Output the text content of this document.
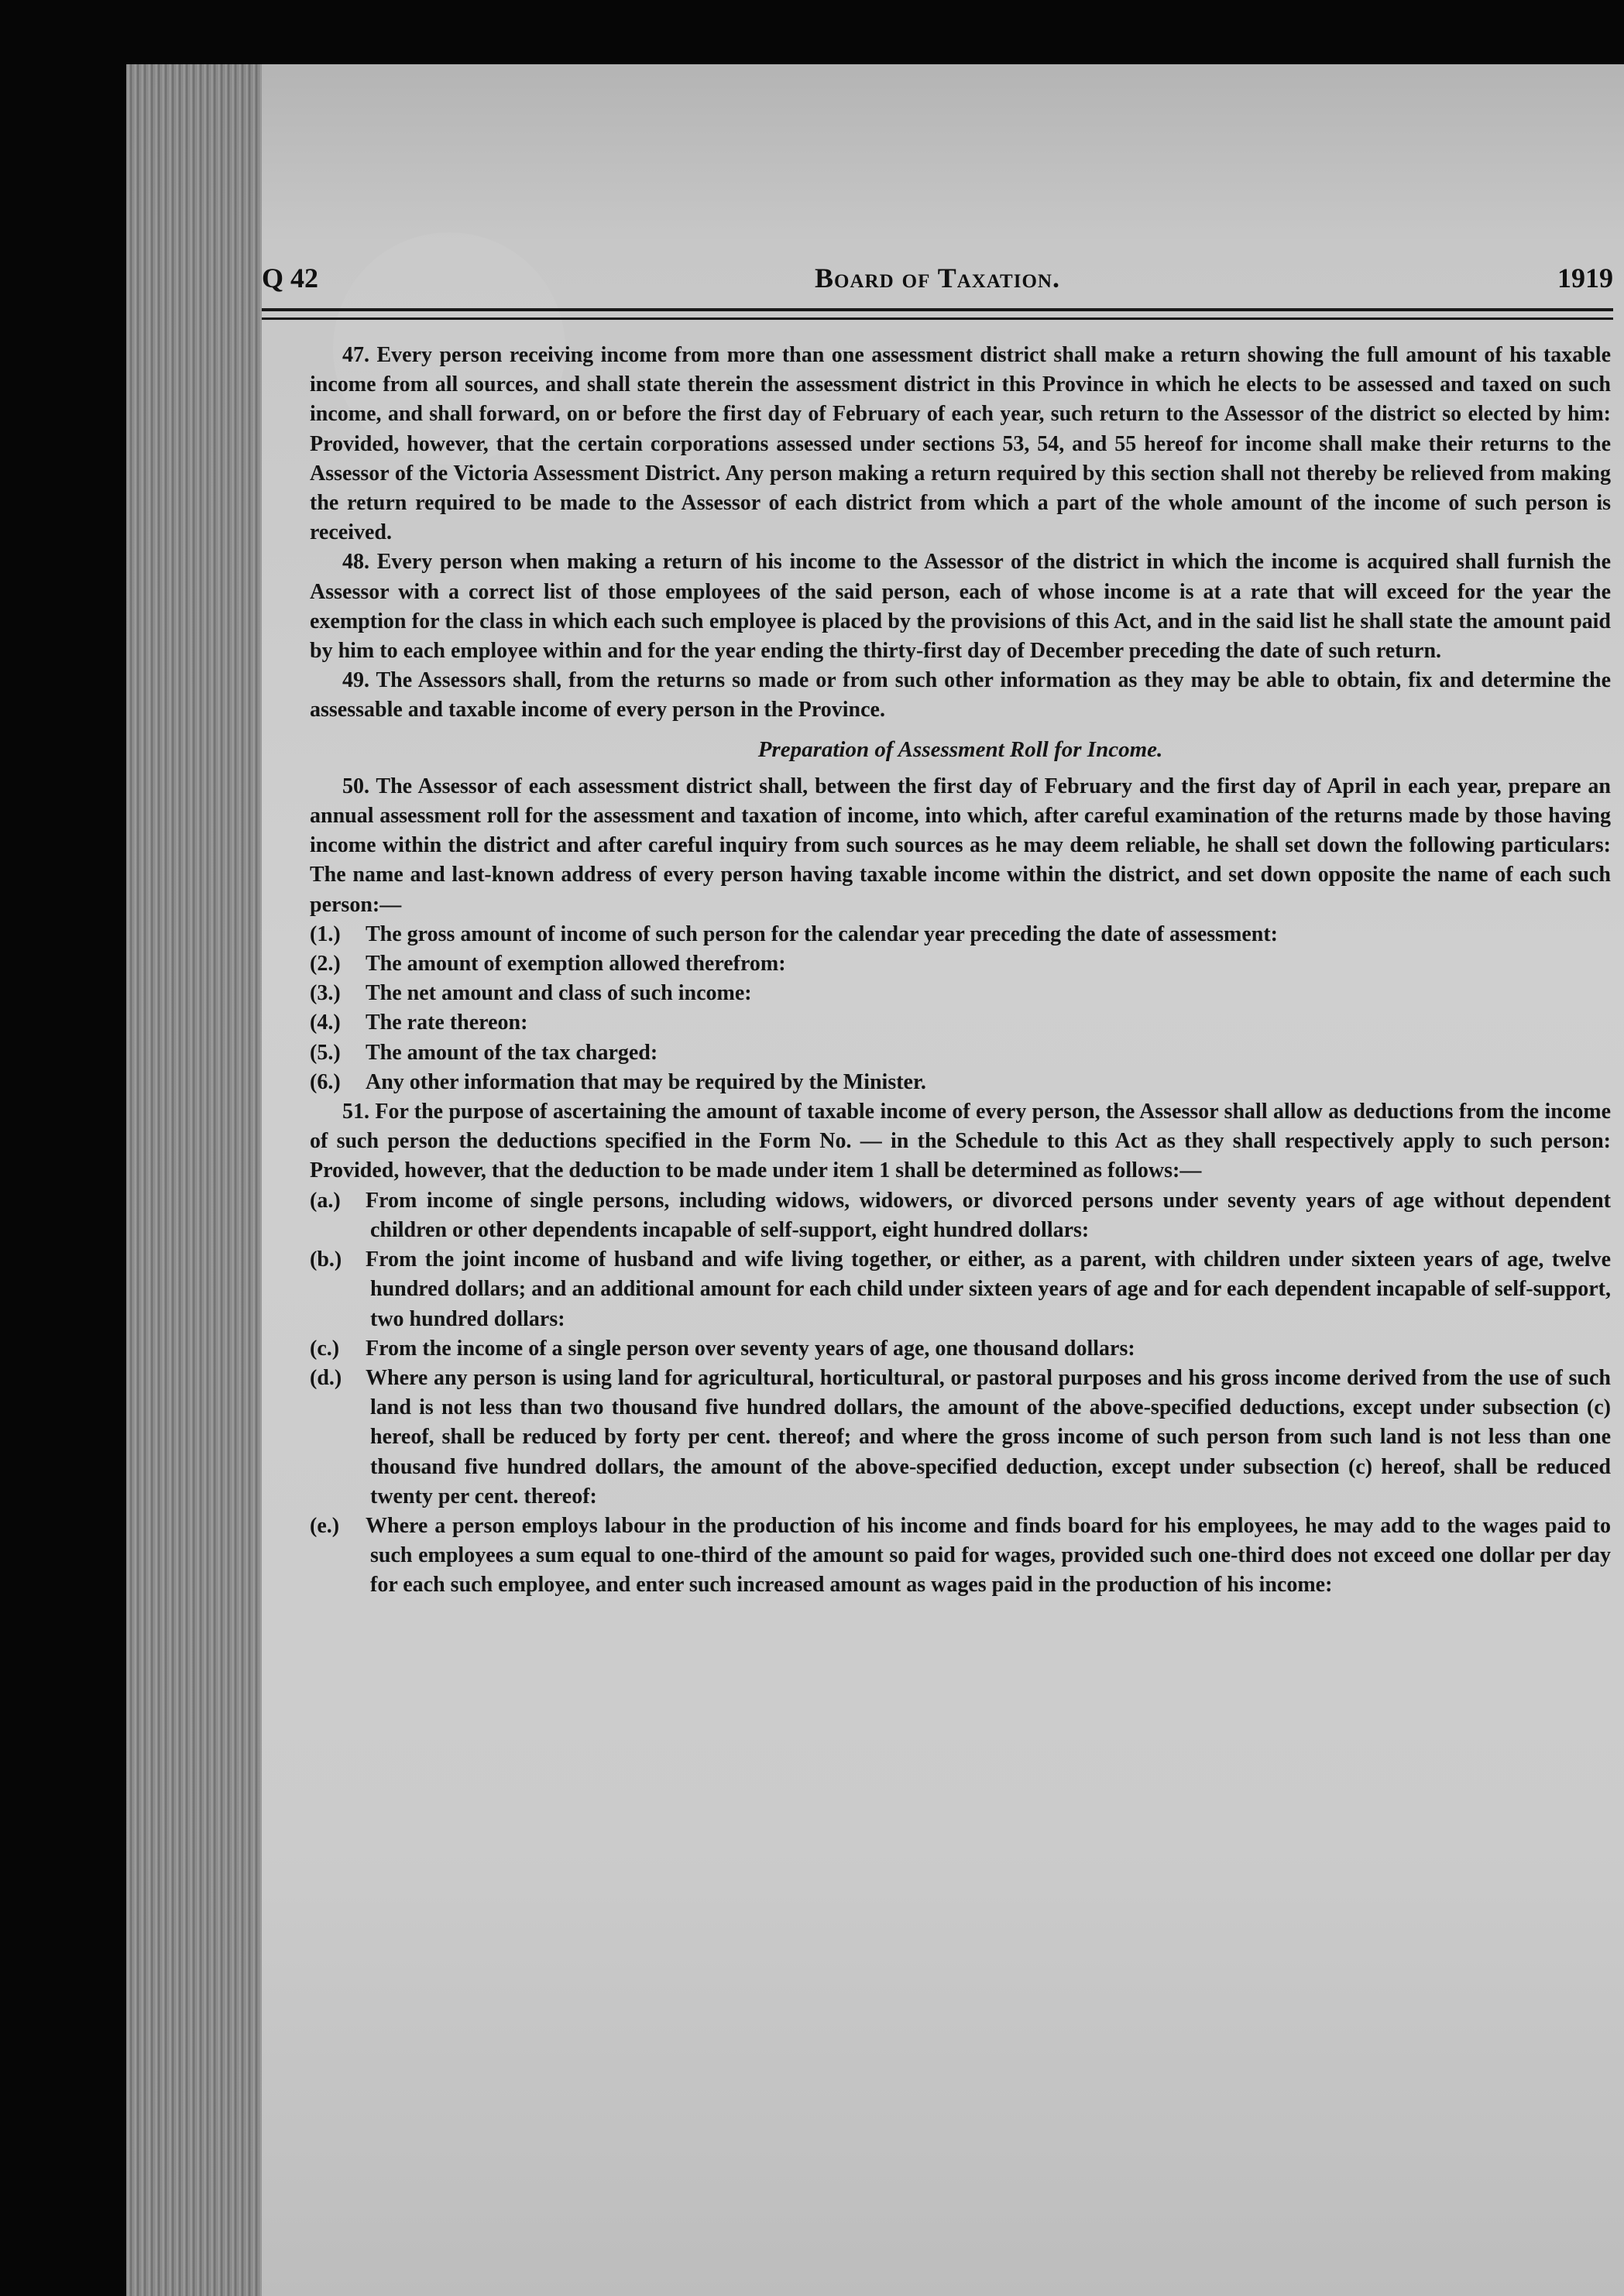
Q 42	Board of Taxation.	1919

47. Every person receiving income from more than one assessment district shall make a return showing the full amount of his taxable income from all sources, and shall state therein the assessment district in this Province in which he elects to be assessed and taxed on such income, and shall forward, on or before the first day of February of each year, such return to the Assessor of the district so elected by him: Provided, however, that the certain corporations assessed under sections 53, 54, and 55 hereof for income shall make their returns to the Assessor of the Victoria Assessment District. Any person making a return required by this section shall not thereby be relieved from making the return required to be made to the Assessor of each district from which a part of the whole amount of the income of such person is received.

48. Every person when making a return of his income to the Assessor of the district in which the income is acquired shall furnish the Assessor with a correct list of those employees of the said person, each of whose income is at a rate that will exceed for the year the exemption for the class in which each such employee is placed by the provisions of this Act, and in the said list he shall state the amount paid by him to each employee within and for the year ending the thirty-first day of December preceding the date of such return.

49. The Assessors shall, from the returns so made or from such other information as they may be able to obtain, fix and determine the assessable and taxable income of every person in the Province.

Preparation of Assessment Roll for Income.

50. The Assessor of each assessment district shall, between the first day of February and the first day of April in each year, prepare an annual assessment roll for the assessment and taxation of income, into which, after careful examination of the returns made by those having income within the district and after careful inquiry from such sources as he may deem reliable, he shall set down the following particulars: The name and last-known address of every person having taxable income within the district, and set down opposite the name of each such person:—

(1.) The gross amount of income of such person for the calendar year preceding the date of assessment:

(2.) The amount of exemption allowed therefrom:

(3.) The net amount and class of such income:

(4.) The rate thereon:

(5.) The amount of the tax charged:

(6.) Any other information that may be required by the Minister.

51. For the purpose of ascertaining the amount of taxable income of every person, the Assessor shall allow as deductions from the income of such person the deductions specified in the Form No. — in the Schedule to this Act as they shall respectively apply to such person: Provided, however, that the deduction to be made under item 1 shall be determined as follows:—

(a.) From income of single persons, including widows, widowers, or divorced persons under seventy years of age without dependent children or other dependents incapable of self-support, eight hundred dollars:

(b.) From the joint income of husband and wife living together, or either, as a parent, with children under sixteen years of age, twelve hundred dollars; and an additional amount for each child under sixteen years of age and for each dependent incapable of self-support, two hundred dollars:

(c.) From the income of a single person over seventy years of age, one thousand dollars:

(d.) Where any person is using land for agricultural, horticultural, or pastoral purposes and his gross income derived from the use of such land is not less than two thousand five hundred dollars, the amount of the above-specified deductions, except under subsection (c) hereof, shall be reduced by forty per cent. thereof; and where the gross income of such person from such land is not less than one thousand five hundred dollars, the amount of the above-specified deduction, except under subsection (c) hereof, shall be reduced twenty per cent. thereof:

(e.) Where a person employs labour in the production of his income and finds board for his employees, he may add to the wages paid to such employees a sum equal to one-third of the amount so paid for wages, provided such one-third does not exceed one dollar per day for each such employee, and enter such increased amount as wages paid in the production of his income:
